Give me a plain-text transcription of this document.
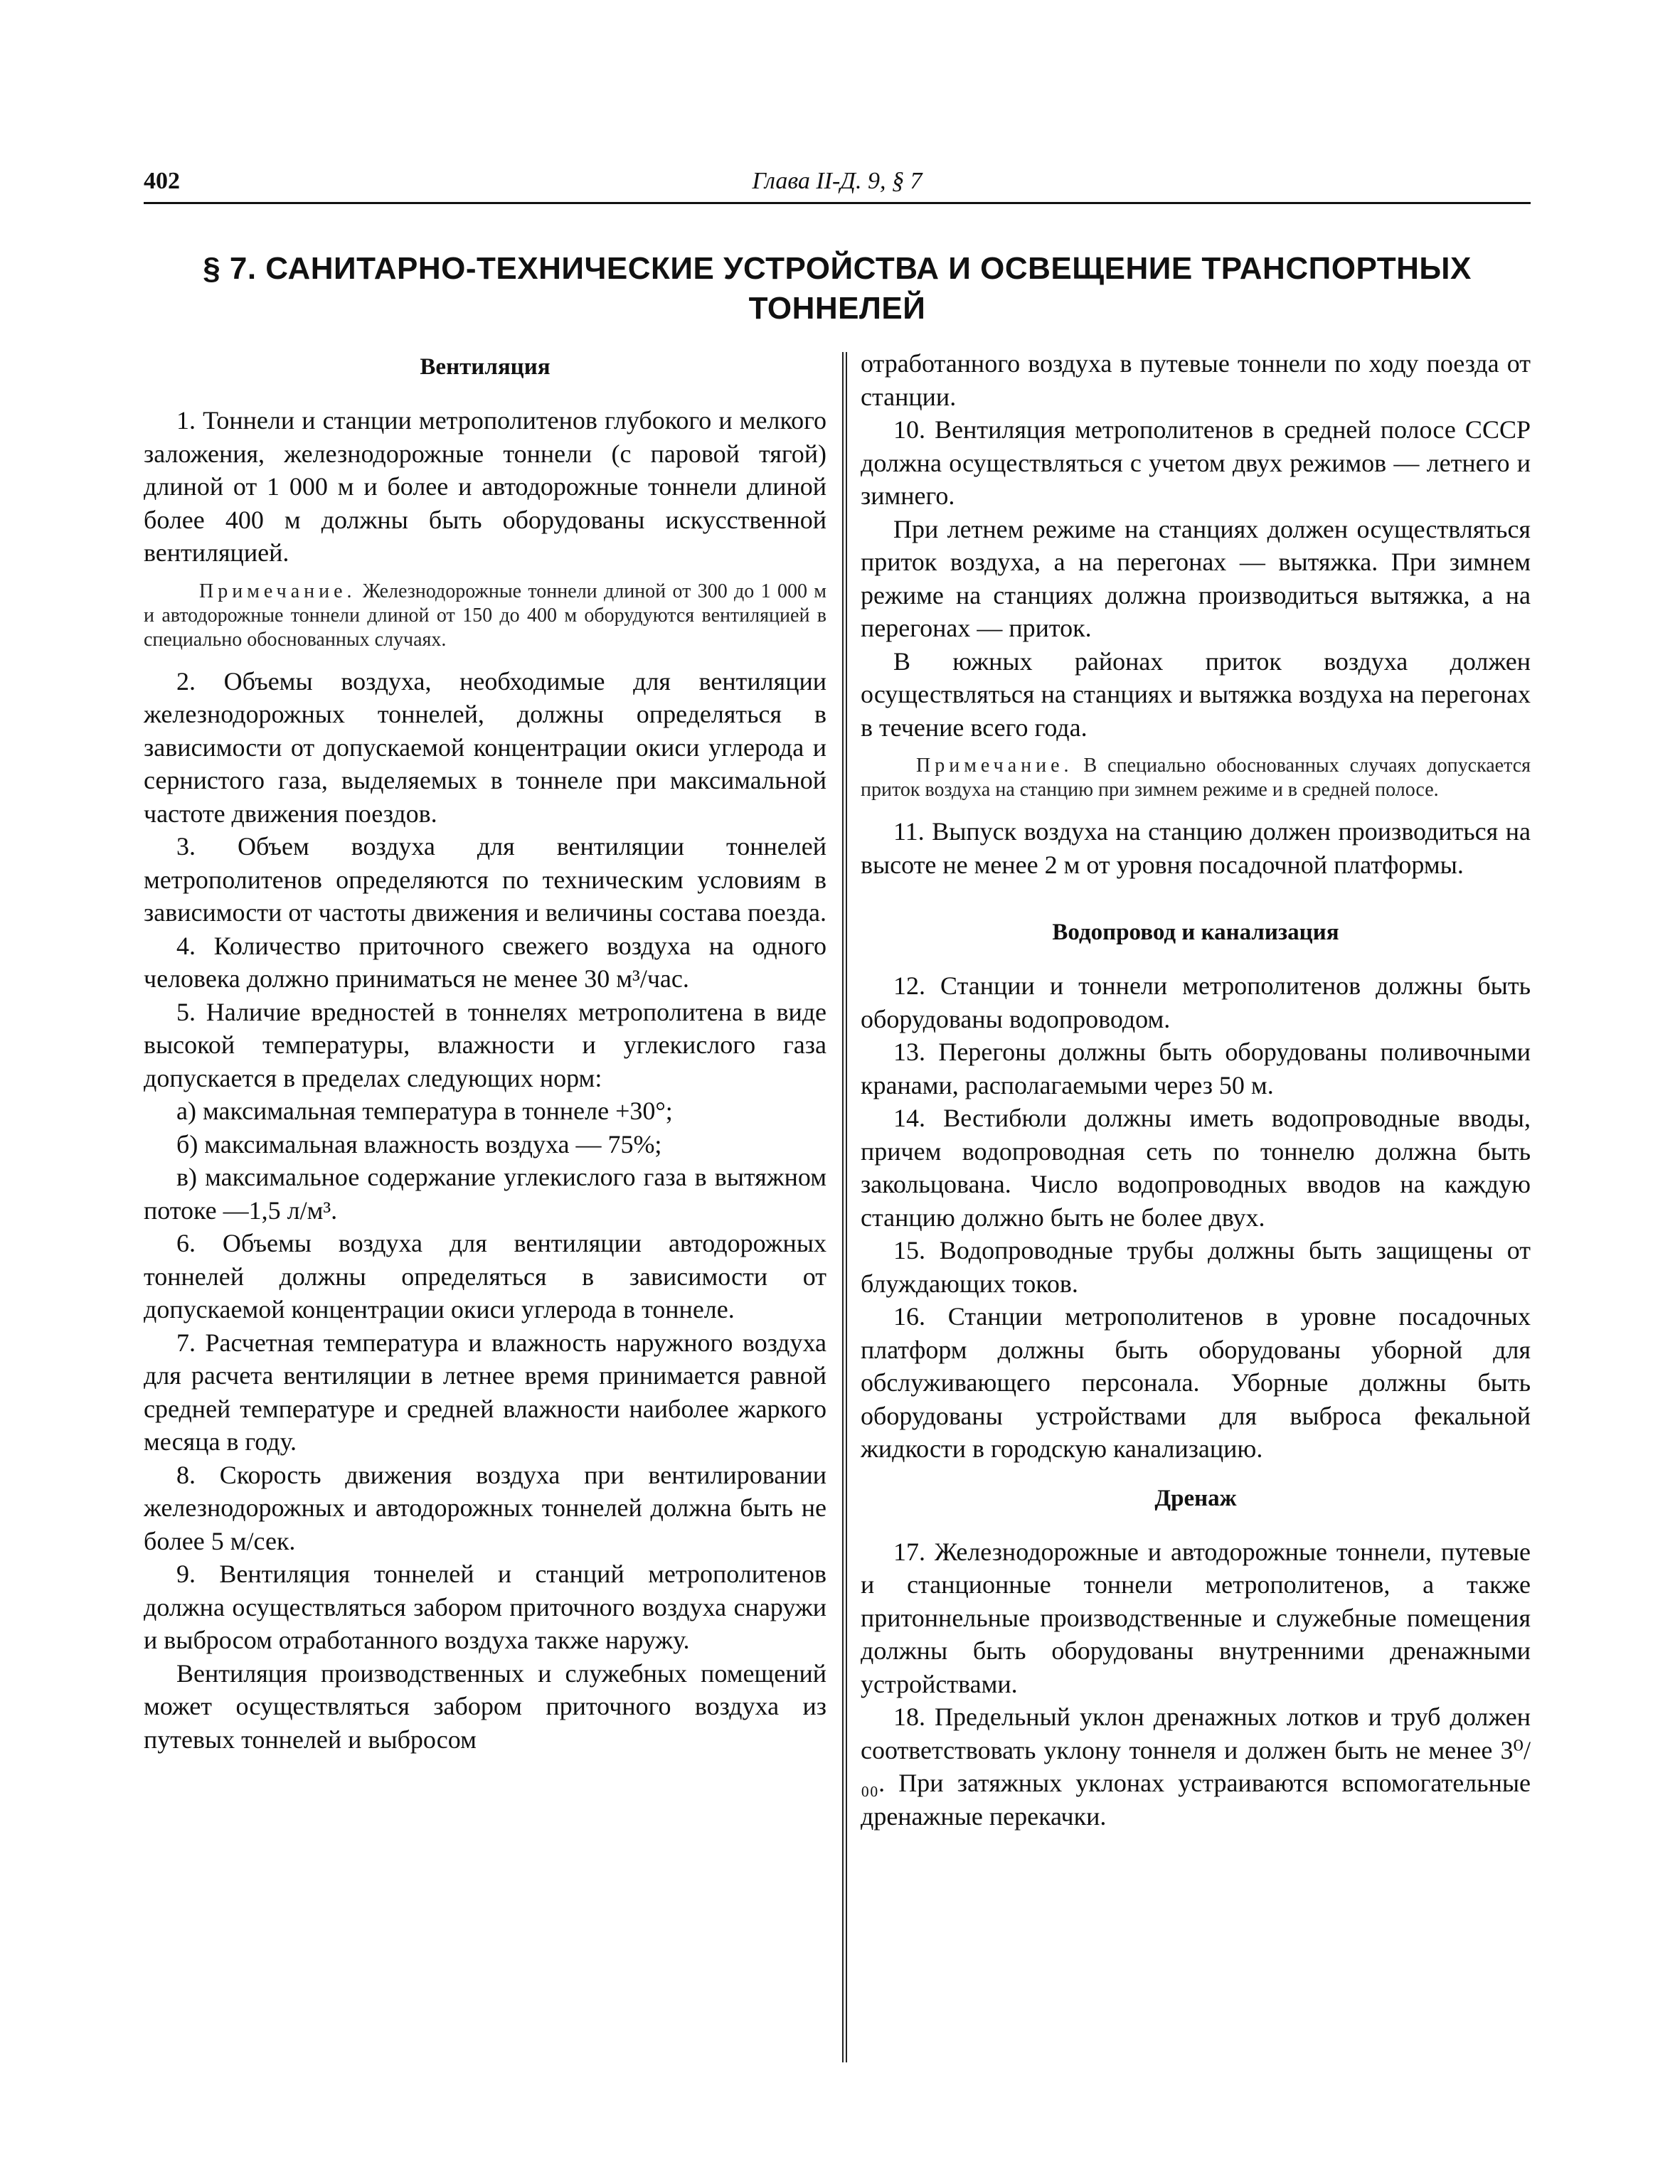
402	Глава II-Д. 9, § 7
§ 7. САНИТАРНО-ТЕХНИЧЕСКИЕ УСТРОЙСТВА И ОСВЕЩЕНИЕ ТРАНСПОРТНЫХ
ТОННЕЛЕЙ
Вентиляция

1. Тоннели и станции метрополитенов глубокого и мелкого заложения, железнодорожные тоннели (с паровой тягой) длиной от 1 000 м и более и автодорожные тоннели длиной более 400 м должны быть оборудованы искусственной вентиляцией.

Примечание. Железнодорожные тоннели длиной от 300 до 1 000 м и автодорожные тоннели длиной от 150 до 400 м оборудуются вентиляцией в специально обоснованных случаях.

2. Объемы воздуха, необходимые для вентиляции железнодорожных тоннелей, должны определяться в зависимости от допускаемой концентрации окиси углерода и сернистого газа, выделяемых в тоннеле при максимальной частоте движения поездов.

3. Объем воздуха для вентиляции тоннелей метрополитенов определяются по техническим условиям в зависимости от частоты движения и величины состава поезда.

4. Количество приточного свежего воздуха на одного человека должно приниматься не менее 30 м³/час.

5. Наличие вредностей в тоннелях метрополитена в виде высокой температуры, влажности и углекислого газа допускается в пределах следующих норм:

а) максимальная температура в тоннеле +30°;

б) максимальная влажность воздуха — 75%;

в) максимальное содержание углекислого газа в вытяжном потоке —1,5 л/м³.

6. Объемы воздуха для вентиляции автодорожных тоннелей должны определяться в зависимости от допускаемой концентрации окиси углерода в тоннеле.

7. Расчетная температура и влажность наружного воздуха для расчета вентиляции в летнее время принимается равной средней температуре и средней влажности наиболее жаркого месяца в году.

8. Скорость движения воздуха при вентилировании железнодорожных и автодорожных тоннелей должна быть не более 5 м/сек.

9. Вентиляция тоннелей и станций метрополитенов должна осуществляться забором приточного воздуха снаружи и выбросом отработанного воздуха также наружу.

Вентиляция производственных и служебных помещений может осуществляться забором приточного воздуха из путевых тоннелей и выбросом

отработанного воздуха в путевые тоннели по ходу поезда от станции.

10. Вентиляция метрополитенов в средней полосе СССР должна осуществляться с учетом двух режимов — летнего и зимнего.

При летнем режиме на станциях должен осуществляться приток воздуха, а на перегонах — вытяжка. При зимнем режиме на станциях должна производиться вытяжка, а на перегонах — приток.

В южных районах приток воздуха должен осуществляться на станциях и вытяжка воздуха на перегонах в течение всего года.

Примечание. В специально обоснованных случаях допускается приток воздуха на станцию при зимнем режиме и в средней полосе.

11. Выпуск воздуха на станцию должен производиться на высоте не менее 2 м от уровня посадочной платформы.

Водопровод и канализация

12. Станции и тоннели метрополитенов должны быть оборудованы водопроводом.

13. Перегоны должны быть оборудованы поливочными кранами, располагаемыми через 50 м.

14. Вестибюли должны иметь водопроводные вводы, причем водопроводная сеть по тоннелю должна быть закольцована. Число водопроводных вводов на каждую станцию должно быть не более двух.

15. Водопроводные трубы должны быть защищены от блуждающих токов.

16. Станции метрополитенов в уровне посадочных платформ должны быть оборудованы уборной для обслуживающего персонала. Уборные должны быть оборудованы устройствами для выброса фекальной жидкости в городскую канализацию.

Дренаж

17. Железнодорожные и автодорожные тоннели, путевые и станционные тоннели метрополитенов, а также притоннельные производственные и служебные помещения должны быть оборудованы внутренними дренажными устройствами.

18. Предельный уклон дренажных лотков и труб должен соответствовать уклону тоннеля и должен быть не менее 3⁰/₀₀. При затяжных уклонах устраиваются вспомогательные дренажные перекачки.
